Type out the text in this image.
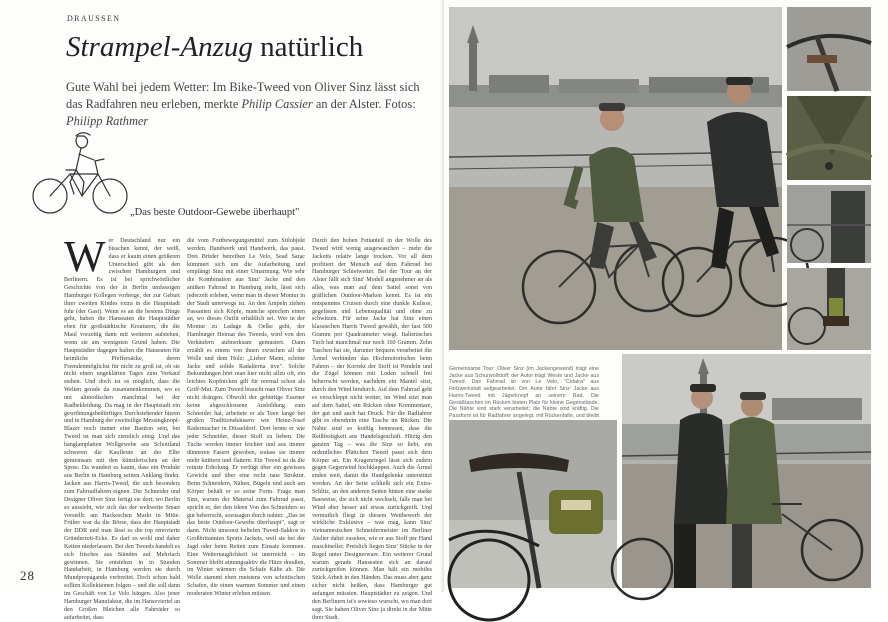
DRAUSSEN
Strampel-Anzug natürlich
Gute Wahl bei jedem Wetter: Im Bike-Tweed von Oliver Sinz lässt sich das Radfahren neu erleben, merkte Philip Cassier an der Alster. Fotos: Philipp Rathmer
„Das beste Outdoor-Gewebe überhaupt"
Wer Deutschland nur ein bisschen kennt, der weiß, dass er kaum einen größeren Unterschied gibt als den zwischen Hamburgern und Berlinern. Es ist bei sprichwörtlicher Geschichte von der in Berlin umfassigen Hamburger Kollegen vorbeige, der zur Geburt ihrer zweiten Kindes extra in die Hauptstadt fuhr (der Gast). Wenn es an die bestens Dinge geht, haben die Hanseaten die Hauptstädter eben für großstädtische Kreaturen, die die Maul vorzeitig dann mit weiteren aufstehen, wenn sie am wenigsten Grund haben. Die Hauptstädter dagegen halten die Hanseaten für heimliche Pfeffersäcke, deren Fremdenmöglichst für nicht zu groß ist, ob sie nicht einen ungeklärten Tages zum Verkauf stehen. Und doch ist es möglich, dass die Welten gerade da zusammenkommen, wo es um altmodischen manchmal bei der Radbekleidung. Da mag in der Hauptstadt ein gewöhnungsbedürftiges Durchstehender bieren und in Hamburg der zweiteilige Messingknopf-Blazer noch immer eine Bastion sein, bei Tweed ist man sich ziemlich einig. Und das hanglamplatten Wollgewebe aus Schottland schweren die Kaufleute an der Elbe gemeinsam mit den künstlerischen an der Spree. Da wundert es kaum, dass ein Produkt aus Berlin in Hamburg seinen Anklang findet. Jacken aus Harris-Tweed, die sich besonders zum Fahrradfahren eignen. Der Schneider und Designer Oliver Sinz fertigt sie dort; wo Berlin so aussieht, wie sich das der weltweite Smart vorstellt: am Hackeschen Markt in Mitte. Früher war da die Börse, dass der Hauptstadt der DDR und man lässt es die top renovierte Gründerzeit-Ecke. Es darf es wohl und daher Ketten niederlassen. Bei den Tweeds handelt es sich frisches aus Ständen auf Mehrfach gewinnen. Sie entstehen in in Stunden Handarbeit, in Hamburg werden sie durch Mundpropaganda verbreitet. Doch schon bald sollten Kollektionen folgen – und die soll dann im Geschäft von Le Velo hängen. Also jener Hamburger Manufaktur, die im Hanseviertel an den Großen Bleichen alle Fahrräder so aufarbeitet, dass
die vom Fortbewegungsmittel zum Stilobjekt werden. Handwerk und Handwerk, das passt. Drei Brüder betreiben Le Velo, Sead Sarac kümmert sich um die Aufarbeitung und empfängt Sinz mit einer Umarmung. Wie sehr die Kombination aus Sinz' Jacke und den antiken Fahrrad in Hamburg sieht, lässt sich jederzeit erleben, wenn man in dieser Montur in der Stadt unterwegs ist. An den Ampeln ziehen Passanten sich Köpfe, manche sprechen einen an, wo dieses Outfit erhältlich sei. Wer in der Montur zu Ladage & Oelke geht, der Hamburger Heimat des Tweeds, wird von den Verkäufern aufmerksam gemustert. Dann erzählt es einem von ihnen zwischen all der Wolle und dem Holz: „Lieber Mann, schöne Jacke und solide Radalterna tive". Solche Bekundungen hört man hier nicht allzu oft, ein leichtes Kopfnicken gilt für normal schon als Griff-Mut. Zum Tweed braucht man Oliver Sinz nicht drängen. Obwohl der gebürtige Essener keine abgeschlossene Ausbildung zum Schneider hat, arbeitete er als Teen lange bei großen Traditionshäusern wie Heinz-Josef Radermacher in Düsseldorf. Dort lernte er wie jeder Schneider, dieser Stoff zu lieben. Die Tuche werden immer leichter und aus immer dünneren Fasern gewoben, sodass sie immer mehr knittern und flattern. Ein Tweed ist da die reinste Erholung. Er verfügt über ein gewisses Gewicht und über eine recht raue Struktur. Beim Schneidern, Nähen, Bügeln und auch am Körper behält er so seine Form. Frage man Sinz, warum der Material zum Fahrrad passt, spricht er, der den Ideen Von des Schneiders so gut beherrscht, sozusagen durch nahtet: „Das ist das beste Outdoor-Gewebe überhaupt", sagt er dann. Nicht umsonst beliefen Tweed-Sakkos in Großbritannien Sports Jackets, weil sie bei der Jagd oder beim Reiten zum Einsatz kommen. Eine Wettertauglichkeit ist unerreicht – im Sommer bleibt atmungsaktiv die Hitze draußen, im Winter wärmen die Schafe Kälte ab. Die Wolle stammt eben meistens von schottischen Schafen, die einen warmen Sommer und einen moderaten Winter erleben müssen.
Durch den hohen Fettanteil in der Wolle des Tweed wird wenig ausgewaschen – mehr die Jacketts relativ lange trocken. Vor all dem profitiert der Mensch auf dem Fahrrad bei Hamburger Schietwetter. Bei der Tour an der Alster fällt sich Sinz' Modell angenehmer an als alles, was man auf dem Sattel sonst von gräflichen Outdoor-Marken kennt. Es ist ein entspanntes Cruisen durch eine dunkle Kulisse, gegelisten und Lebensqualität und ohne zu schwitzen. Für seine Jacke hat Sinz einen klassischen Harris Tweed gewählt, der fast 500 Gramm pro Quadratmeter wiegt. Italienisches Tuch hat manchmal nur noch 160 Gramm. Zehn Taschen hat sie, darunter bequem verarbeitet die Ärmel verbinden das Hochmotorisches beim Fahren – der Korrekt der Stoff ist Pendeln und die Zügel können mit Loden schnell frei beherrscht werden, nachdem ein Mantel sitzt, durch den Wind hindurch. Auf dem Fahrrad geht es verschleppt nicht weiter, im Wind sitzt man auf dem Sattel, ein Rücken ohne Kommentare, der gut und auch hat Druck. Für die Radfahrer gibt es obendrein eine Tasche im Rücken. Die Nähte sind so kräftig bemessen, dass die Reißfestigkeit aus Handelsgeschäft. Hitzig den ganzen Tag – was die Sinz so liebt, ein ordentliches Plättchen Tweed passt sich dem Körper an. Ein Kragenriegel lässt sich zudem gegen Gegenwind hochklappen. Auch die Ärmel enden weit, damit die Handgelenke unterstützt werden. An der Seite schließt sich ein Extra-Schlitz, an den anderen Seiten hinten eine starke Bauweise, die sich nicht wechselt, falls man bei Wind aber besser auf etwas zurückgreift. Und vermutlich fliegt in diesem Wettbewerb der wirkliche Exklusive – was mag, kann Sinz' vietnamesischen Schneidermeister im Berliner Atelier dabei zusehen, wie er aus Stoff per Hand maschineller. Preislich liegen Sinz' Stücke in der Regel unter Designerware. Ein weiterer Grund warum gerade Hanseaten sich an darauf zurückgreifen können. Man hält ein mobiles Stück Arbeit in den Händen. Das muss aber ganz sicher nicht heißen, dass Hamburger gut anfangen müssten. Hauptstädter zu zeigen. Und den Berlinern ist's sowieso wurscht, wo man dort sagt. Sie haben Oliver Sinz ja direkt in der Mitte ihrer Stadt.
28
Gemeinsame Tour: Oliver Sinz (im Jackengewand) trägt eine Jacke aus Schurwollstoff; der Autor trägt Weste und Jacke aus Tweed. Das Fahrrad ist von Le Velo, "Cidatra" aus Holzwerkstatt aufgearbeitet. Der Autor fährt Sinz' Jacke aus Harris-Tweed mit Jägerknopf an seinem Rad. Die Gesäßtaschen im Rücken bieten Platz für kleine Gegenstände. Die Nähte sind stark verarbeitet; die Nähte sind kräftig. Die Passform ist für Radfahrer angelegt, mit Rückenfalte, und bleibt
